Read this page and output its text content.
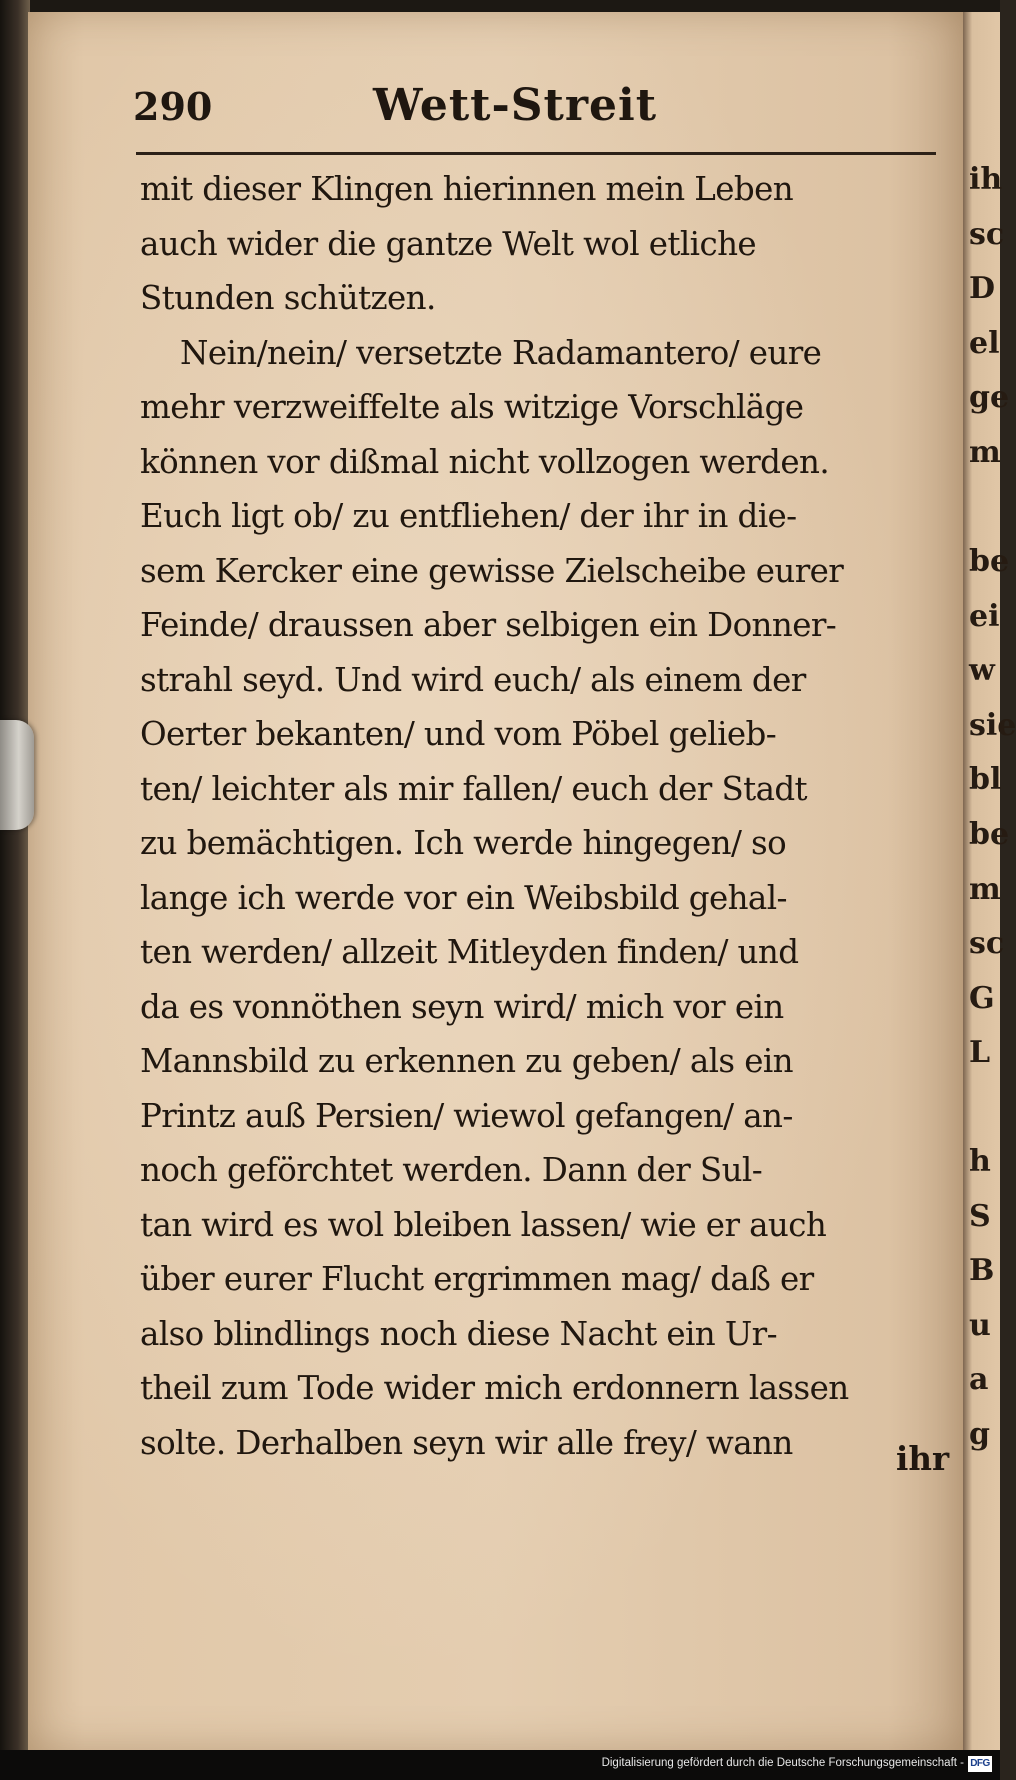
290	Wett-Streit
mit dieser Klingen hierinnen mein Leben
auch wider die gantze Welt wol etliche
Stunden schützen.
Nein/nein/ versetzte Radamantero/ eure
mehr verzweiffelte als witzige Vorschläge
können vor dißmal nicht vollzogen werden.
Euch ligt ob/ zu entfliehen/ der ihr in die-
sem Kercker eine gewisse Zielscheibe eurer
Feinde/ draussen aber selbigen ein Donner-
strahl seyd. Und wird euch/ als einem der
Oerter bekanten/ und vom Pöbel gelieb-
ten/ leichter als mir fallen/ euch der Stadt
zu bemächtigen. Ich werde hingegen/ so
lange ich werde vor ein Weibsbild gehal-
ten werden/ allzeit Mitleyden finden/ und
da es vonnöthen seyn wird/ mich vor ein
Mannsbild zu erkennen zu geben/ als ein
Printz auß Persien/ wiewol gefangen/ an-
noch geförchtet werden. Dann der Sul-
tan wird es wol bleiben lassen/ wie er auch
über eurer Flucht ergrimmen mag/ daß er
also blindlings noch diese Nacht ein Ur-
theil zum Tode wider mich erdonnern lassen
solte. Derhalben seyn wir alle frey/ wann	ihr
ih
sc
D
el
ge
m
be
ei
w
sie
bl
be
m
sc
G
L
h
S
B
u
a
g
Digitalisierung gefördert durch die Deutsche Forschungsgemeinschaft - DFG
